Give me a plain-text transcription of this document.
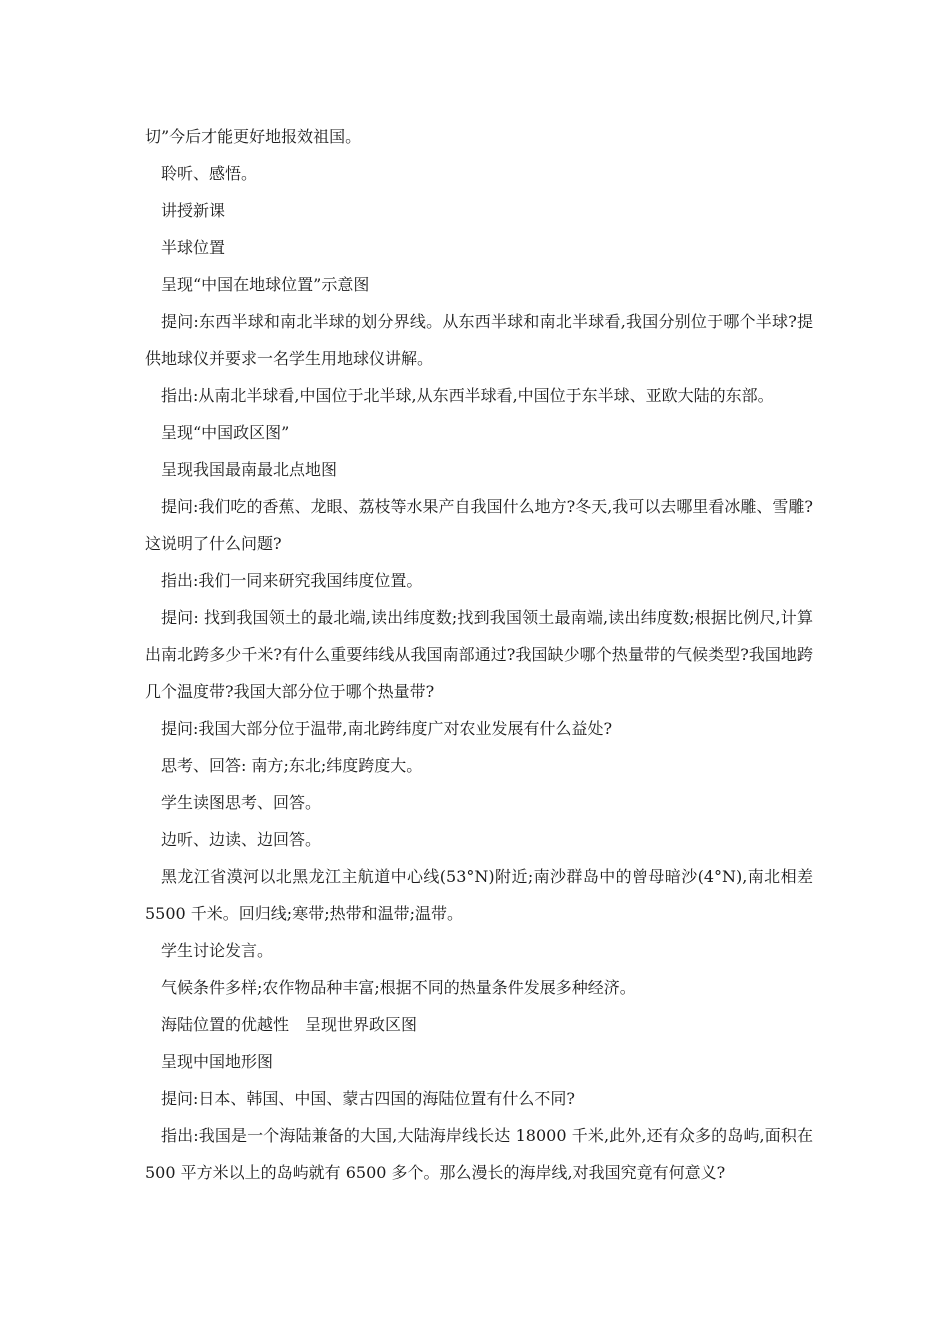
切”今后才能更好地报效祖国。

聆听、感悟。

讲授新课

半球位置

呈现“中国在地球位置”示意图

提问:东西半球和南北半球的划分界线。从东西半球和南北半球看,我国分别位于哪个半球?提供地球仪并要求一名学生用地球仪讲解。

指出:从南北半球看,中国位于北半球,从东西半球看,中国位于东半球、亚欧大陆的东部。

呈现“中国政区图”

呈现我国最南最北点地图

提问:我们吃的香蕉、龙眼、荔枝等水果产自我国什么地方?冬天,我可以去哪里看冰雕、雪雕?这说明了什么问题?

指出:我们一同来研究我国纬度位置。

提问: 找到我国领土的最北端,读出纬度数;找到我国领土最南端,读出纬度数;根据比例尺,计算出南北跨多少千米?有什么重要纬线从我国南部通过?我国缺少哪个热量带的气候类型?我国地跨几个温度带?我国大部分位于哪个热量带?

提问:我国大部分位于温带,南北跨纬度广对农业发展有什么益处?

思考、回答: 南方;东北;纬度跨度大。

学生读图思考、回答。

边听、边读、边回答。

黑龙江省漠河以北黑龙江主航道中心线(53°N)附近;南沙群岛中的曾母暗沙(4°N),南北相差 5500 千米。回归线;寒带;热带和温带;温带。

学生讨论发言。

气候条件多样;农作物品种丰富;根据不同的热量条件发展多种经济。

海陆位置的优越性　呈现世界政区图

呈现中国地形图

提问:日本、韩国、中国、蒙古四国的海陆位置有什么不同?

指出:我国是一个海陆兼备的大国,大陆海岸线长达 18000 千米,此外,还有众多的岛屿,面积在 500 平方米以上的岛屿就有 6500 多个。那么漫长的海岸线,对我国究竟有何意义?
